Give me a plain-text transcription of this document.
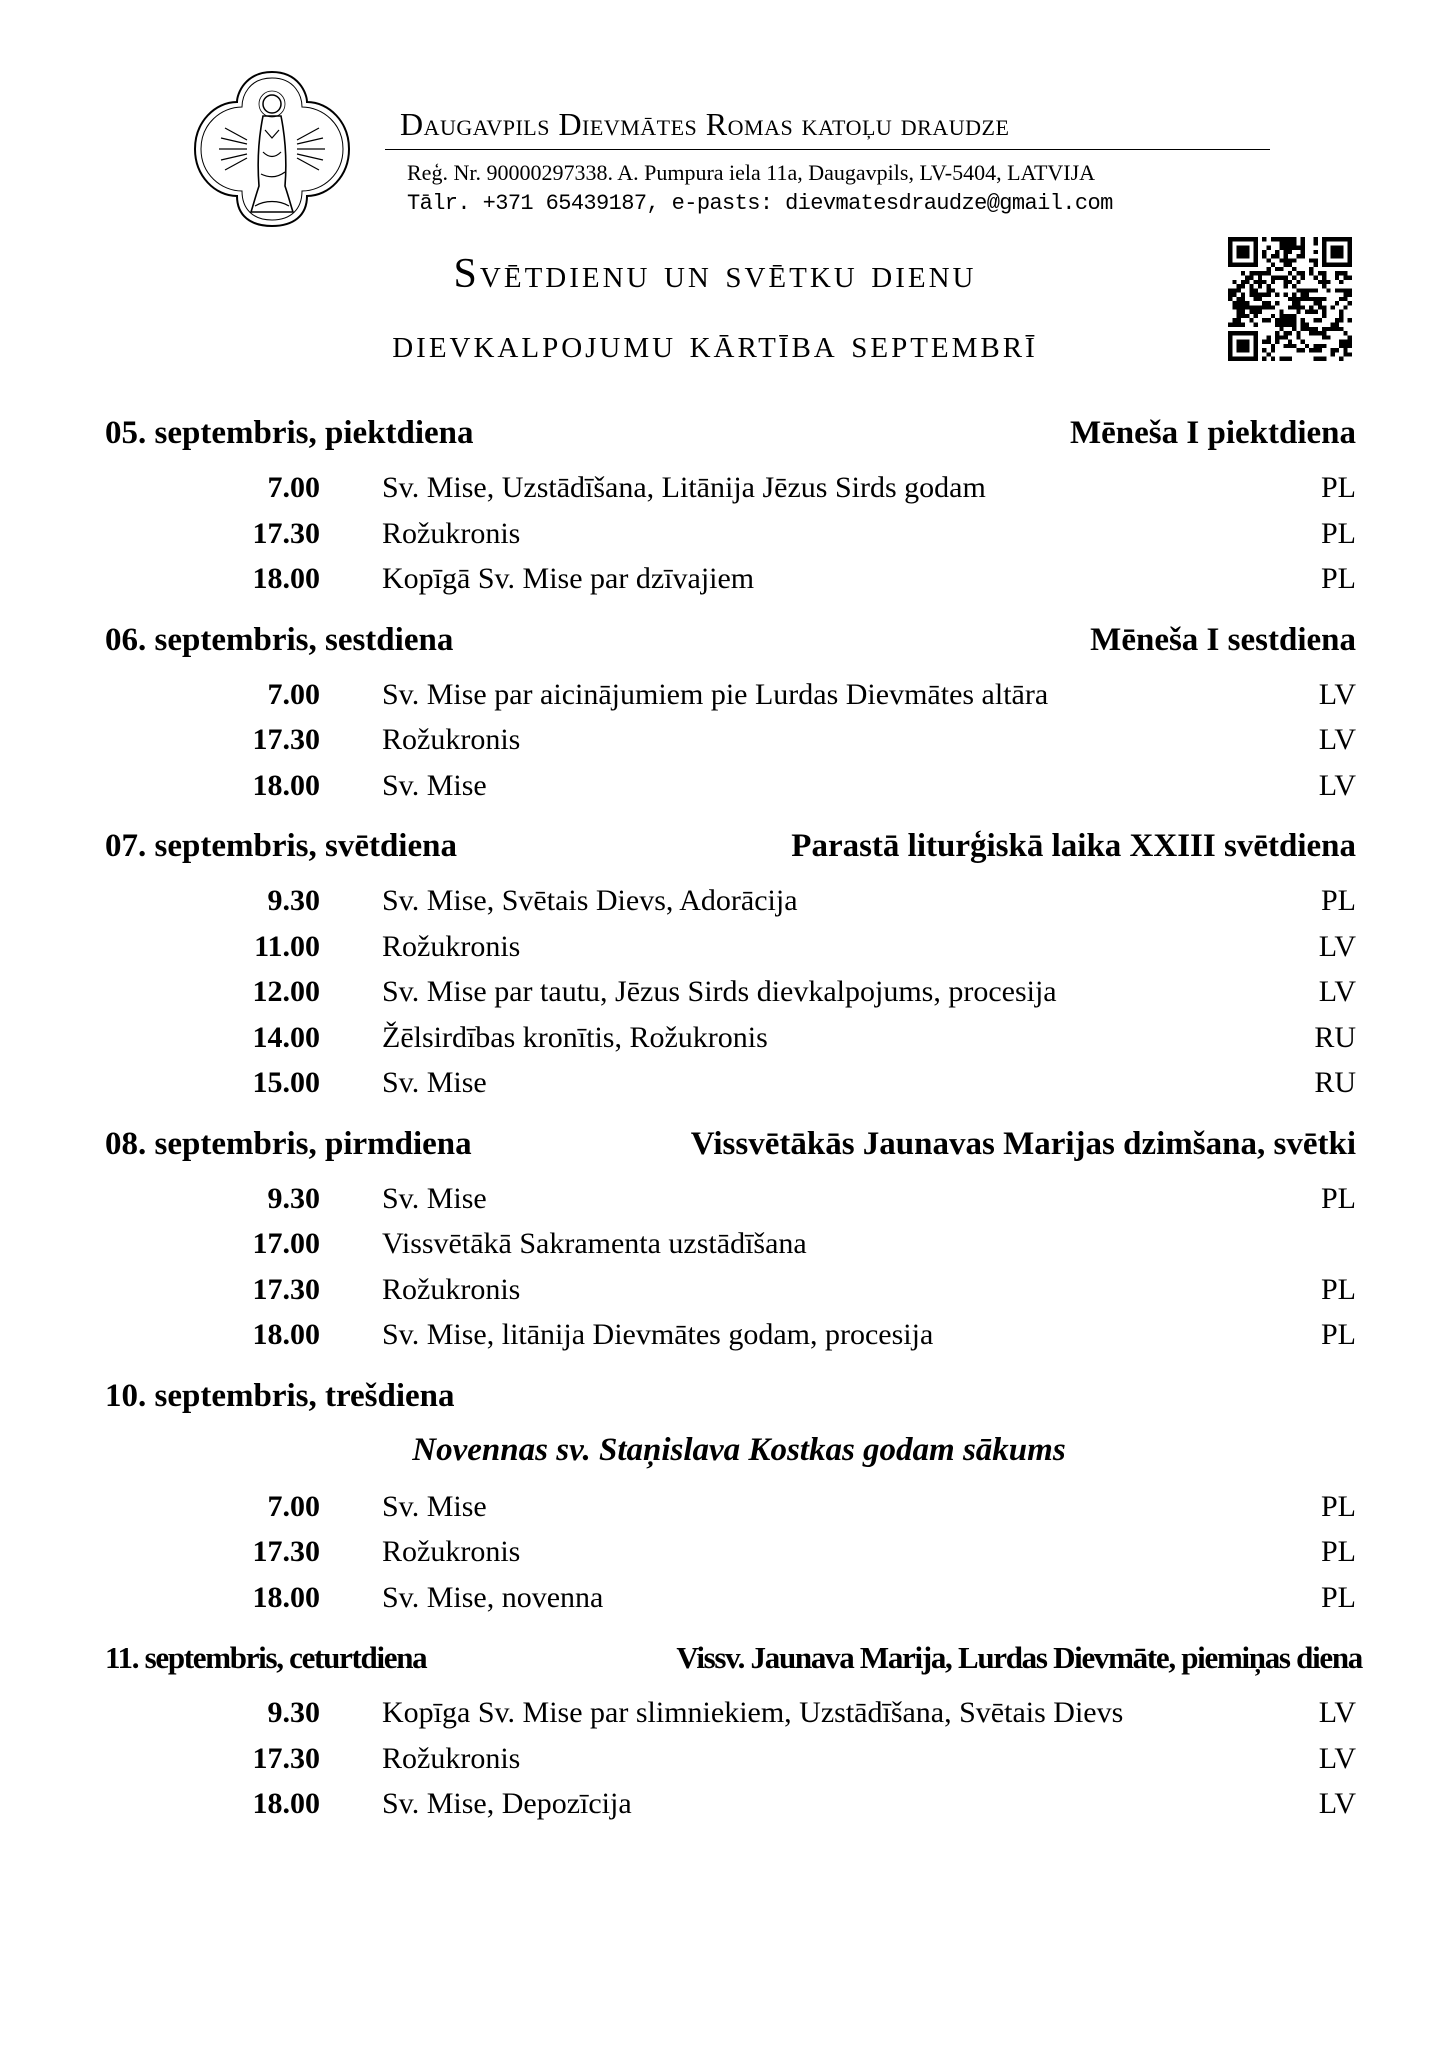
Daugavpils Dievmātes Romas katoļu draudze
Reģ. Nr. 90000297338. A. Pumpura iela 11a, Daugavpils, LV-5404, LATVIJA
Tālr. +371 65439187, e-pasts: dievmatesdraudze@gmail.com
Svētdienu un svētku dienu
dievkalpojumu kārtība septembrī
05. septembris, piektdiena	Mēneša I piektdiena
7.00 Sv. Mise, Uzstādīšana, Litānija Jēzus Sirds godam	PL
17.30 Rožukronis	PL
18.00 Kopīgā Sv. Mise par dzīvajiem	PL
06. septembris, sestdiena	Mēneša I sestdiena
7.00 Sv. Mise par aicinājumiem pie Lurdas Dievmātes altāra	LV
17.30 Rožukronis	LV
18.00 Sv. Mise	LV
07. septembris, svētdiena	Parastā liturģiskā laika XXIII svētdiena
9.30 Sv. Mise, Svētais Dievs, Adorācija	PL
11.00 Rožukronis	LV
12.00 Sv. Mise par tautu, Jēzus Sirds dievkalpojums, procesija	LV
14.00 Žēlsirdības kronītis, Rožukronis	RU
15.00 Sv. Mise	RU
08. septembris, pirmdiena	Vissvētākās Jaunavas Marijas dzimšana, svētki
9.30 Sv. Mise	PL
17.00 Vissvētākā Sakramenta uzstādīšana
17.30 Rožukronis	PL
18.00 Sv. Mise, litānija Dievmātes godam, procesija	PL
10. septembris, trešdiena
Novennas sv. Staņislava Kostkas godam sākums
7.00 Sv. Mise	PL
17.30 Rožukronis	PL
18.00 Sv. Mise, novenna	PL
11. septembris, ceturtdiena	Vissv. Jaunava Marija, Lurdas Dievmāte, piemiņas diena
9.30 Kopīga Sv. Mise par slimniekiem, Uzstādīšana, Svētais Dievs	LV
17.30 Rožukronis	LV
18.00 Sv. Mise, Depozīcija	LV
